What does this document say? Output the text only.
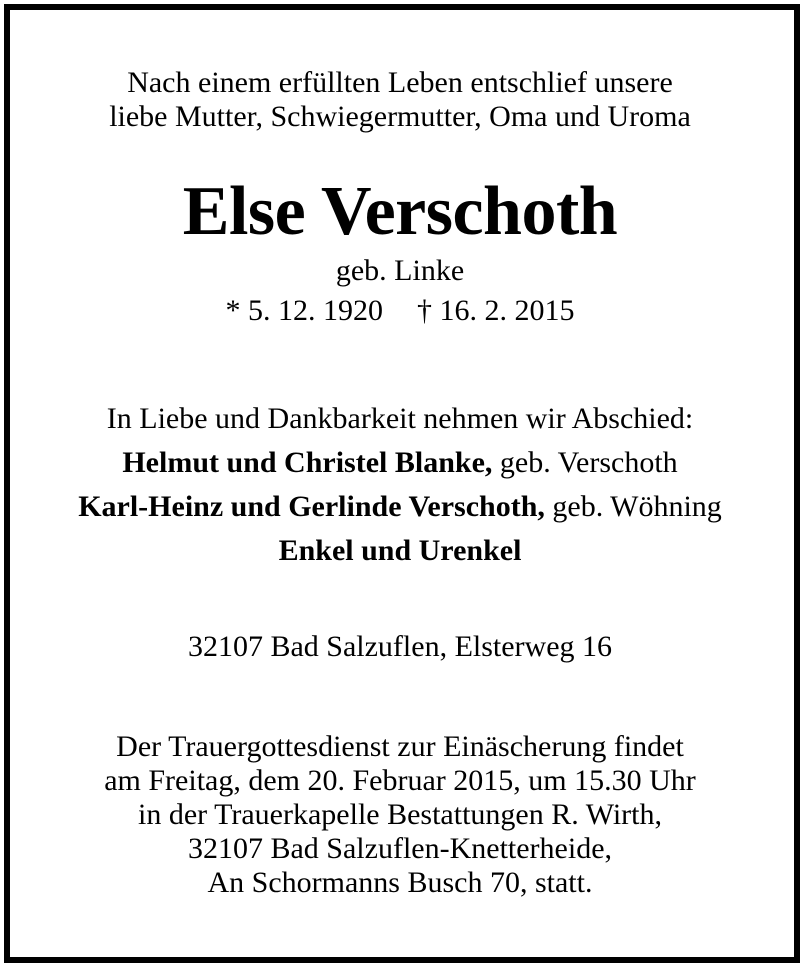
Nach einem erfüllten Leben entschlief unsere
liebe Mutter, Schwiegermutter, Oma und Uroma
Else Verschoth
geb. Linke
* 5. 12. 1920 † 16. 2. 2015
In Liebe und Dankbarkeit nehmen wir Abschied:
Helmut und Christel Blanke, geb. Verschoth
Karl-Heinz und Gerlinde Verschoth, geb. Wöhning
Enkel und Urenkel
32107 Bad Salzuflen, Elsterweg 16
Der Trauergottesdienst zur Einäscherung findet
am Freitag, dem 20. Februar 2015, um 15.30 Uhr
in der Trauerkapelle Bestattungen R. Wirth,
32107 Bad Salzuflen-Knetterheide,
An Schormanns Busch 70, statt.
